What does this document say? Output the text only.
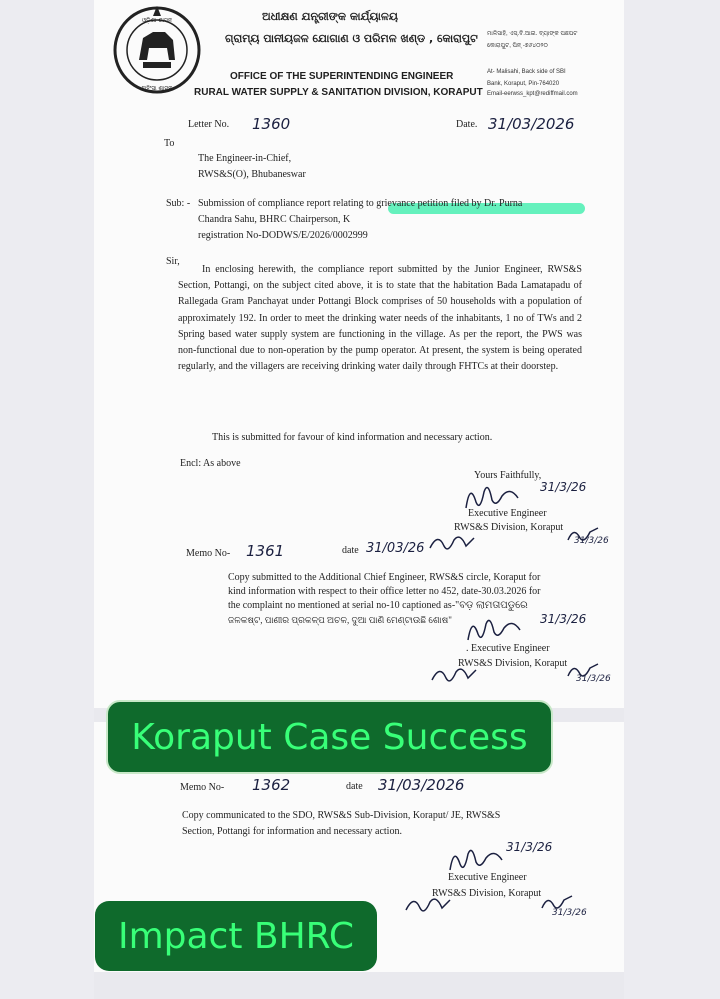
ଓଡ଼ିଶା ଶାସନ
ଅହିଂସା ଶାସନ
ଅଧୀକ୍ଷଣ ଯନ୍ତ୍ରୀଙ୍କ କାର୍ଯ୍ୟାଳୟ
ଗ୍ରାମ୍ୟ ପାନୀୟଜଳ ଯୋଗାଣ ଓ ପରିମଳ ଖଣ୍ଡ , କୋରାପୁଟ
OFFICE OF THE SUPERINTENDING ENGINEER
RURAL WATER SUPPLY & SANITATION DIVISION, KORAPUT
ମାଳିସାହି, ଏସ୍.ବି.ଆଇ. ବ୍ୟାଙ୍କ ପଛପଟ
କୋରାପୁଟ, ପିନ୍ -୭୬୪୦୨୦
At- Malisahi, Back side of SBI
Bank, Koraput, Pin-764020
Email-eerwss_kpt@rediffmail.com
Letter No. 1360	Date. 31/03/2026
To
The Engineer-in-Chief,
RWS&S(O), Bhubaneswar
Sub: - Submission of compliance report relating to grievance petition filed by Dr. Purna
Chandra Sahu, BHRC Chairperson, K
registration No-DODWS/E/2026/0002999
Sir,
In enclosing herewith, the compliance report submitted by the Junior Engineer, RWS&S Section, Pottangi, on the subject cited above, it is to state that the habitation Bada Lamatapadu of Rallegada Gram Panchayat under Pottangi Block comprises of 50 households with a population of approximately 192. In order to meet the drinking water needs of the inhabitants, 1 no of TWs and 2 Spring based water supply system are functioning in the village. As per the report, the PWS was non-functional due to non-operation by the pump operator. At present, the system is being operated regularly, and the villagers are receiving drinking water daily through FHTCs at their doorstep.
This is submitted for favour of kind information and necessary action.
Encl: As above
Yours Faithfully,
31/3/26
Executive Engineer
RWS&S Division, Koraput
Memo No- 1361	date 31/03/26	31/3/26
Copy submitted to the Additional Chief Engineer, RWS&S circle, Koraput for
kind information with respect to their office letter no 452, date-30.03.2026 for
the complaint no mentioned at serial no-10 captioned as-"ବଡ଼ ଲାମତାପଡୁରେ
ଜଳକଷ୍ଟ, ପାଣୀର ପ୍ରକଳ୍ପ ଅଚଳ, ଦୁଆ ପାଣି ମେଣ୍ଟାଉଛି ଶୋଷ"	31/3/26
. Executive Engineer
RWS&S Division, Koraput
31/3/26
Koraput Case Success
Memo No- 1362	date 31/03/2026
Copy communicated to the SDO, RWS&S Sub-Division, Koraput/ JE, RWS&S
Section, Pottangi for information and necessary action.
31/3/26
Executive Engineer
RWS&S Division, Koraput
31/3/26
Impact BHRC
